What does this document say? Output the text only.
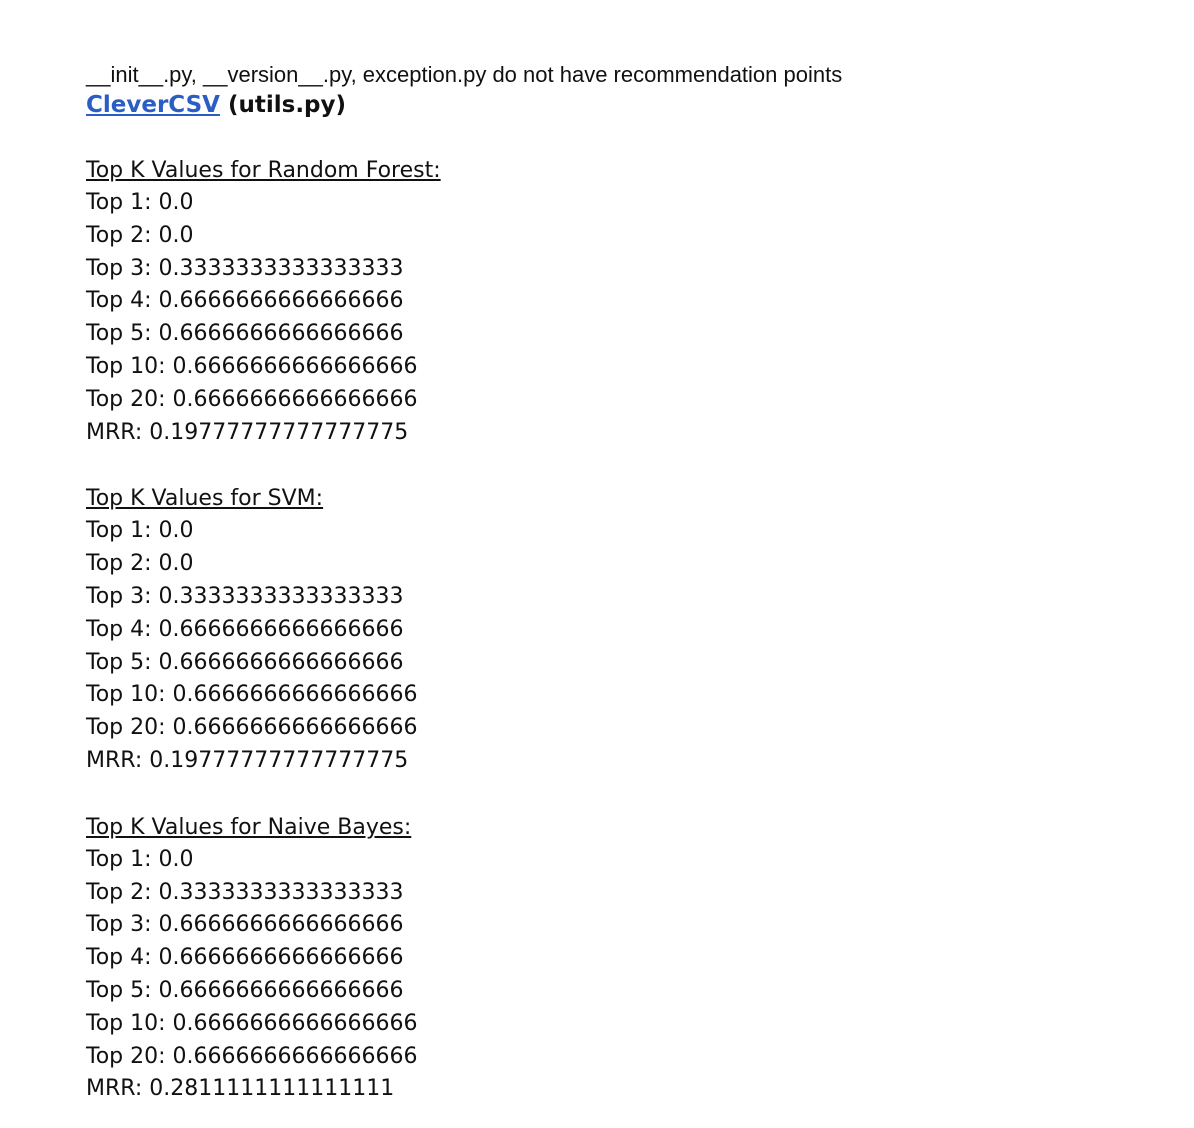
__init__.py, __version__.py, exception.py do not have recommendation points

CleverCSV (utils.py)

Top K Values for Random Forest:
Top 1: 0.0
Top 2: 0.0
Top 3: 0.3333333333333333
Top 4: 0.6666666666666666
Top 5: 0.6666666666666666
Top 10: 0.6666666666666666
Top 20: 0.6666666666666666
MRR: 0.19777777777777775
Top K Values for SVM:
Top 1: 0.0
Top 2: 0.0
Top 3: 0.3333333333333333
Top 4: 0.6666666666666666
Top 5: 0.6666666666666666
Top 10: 0.6666666666666666
Top 20: 0.6666666666666666
MRR: 0.19777777777777775
Top K Values for Naive Bayes:
Top 1: 0.0
Top 2: 0.3333333333333333
Top 3: 0.6666666666666666
Top 4: 0.6666666666666666
Top 5: 0.6666666666666666
Top 10: 0.6666666666666666
Top 20: 0.6666666666666666
MRR: 0.2811111111111111
